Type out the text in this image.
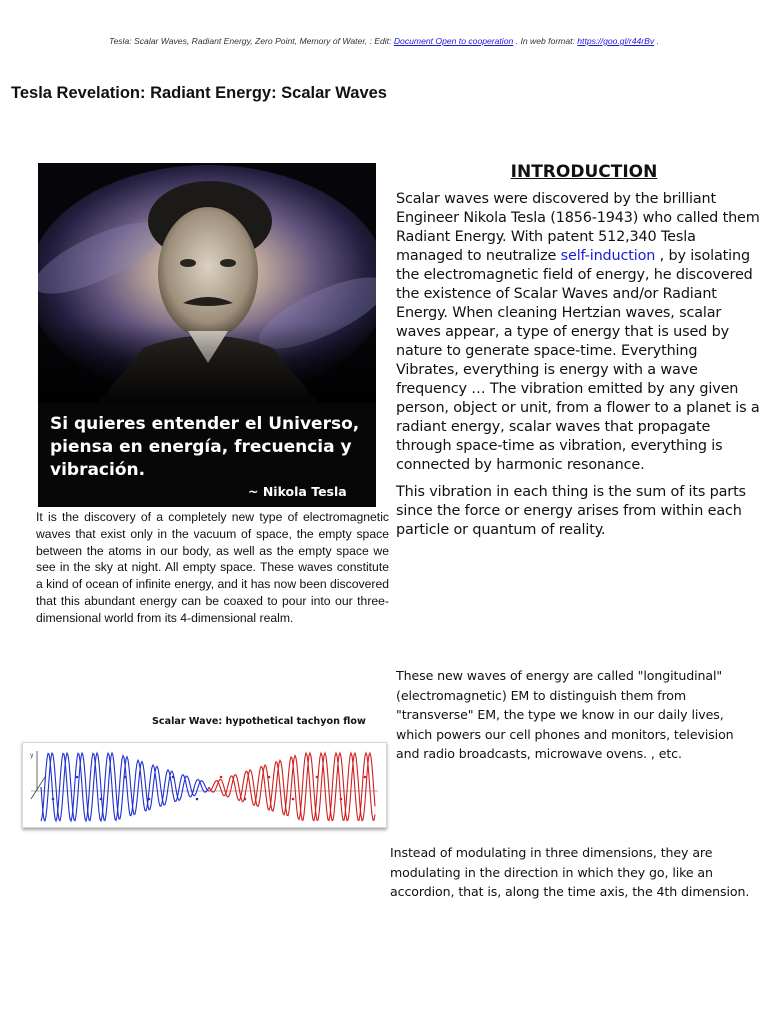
Tesla: Scalar Waves, Radiant Energy, Zero Point, Memory of Water, : Edit: Document Open to cooperation . In web format: https://goo.gl/r44rBv .
Tesla Revelation: Radiant Energy: Scalar Waves
Si quieres entender el Universo, piensa en energía, frecuencia y vibración.
~ Nikola Tesla

It is the discovery of a completely new type of electromagnetic waves that exist only in the vacuum of space, the empty space between the atoms in our body, as well as the empty space we see in the sky at night. All empty space. These waves constitute a kind of ocean of infinite energy, and it has now been discovered that this abundant energy can be coaxed to pour into our three-dimensional world from its 4-dimensional realm.

INTRODUCTION

Scalar waves were discovered by the brilliant Engineer Nikola Tesla (1856-1943) who called them Radiant Energy. With patent 512,340 Tesla managed to neutralize self-induction , by isolating the electromagnetic field of energy, he discovered the existence of Scalar Waves and/or Radiant Energy. When cleaning Hertzian waves, scalar waves appear, a type of energy that is used by nature to generate space-time. Everything Vibrates, everything is energy with a wave frequency … The vibration emitted by any given person, object or unit, from a flower to a planet is a radiant energy, scalar waves that propagate through space-time as vibration, everything is connected by harmonic resonance.

This vibration in each thing is the sum of its parts since the force or energy arises from within each particle or quantum of reality.

These new waves of energy are called "longitudinal" (electromagnetic) EM to distinguish them from "transverse" EM, the type we know in our daily lives, which powers our cell phones and monitors, television and radio broadcasts, microwave ovens. , etc.

Scalar Wave: hypothetical tachyon flow
y

Instead of modulating in three dimensions, they are modulating in the direction in which they go, like an accordion, that is, along the time axis, the 4th dimension.
